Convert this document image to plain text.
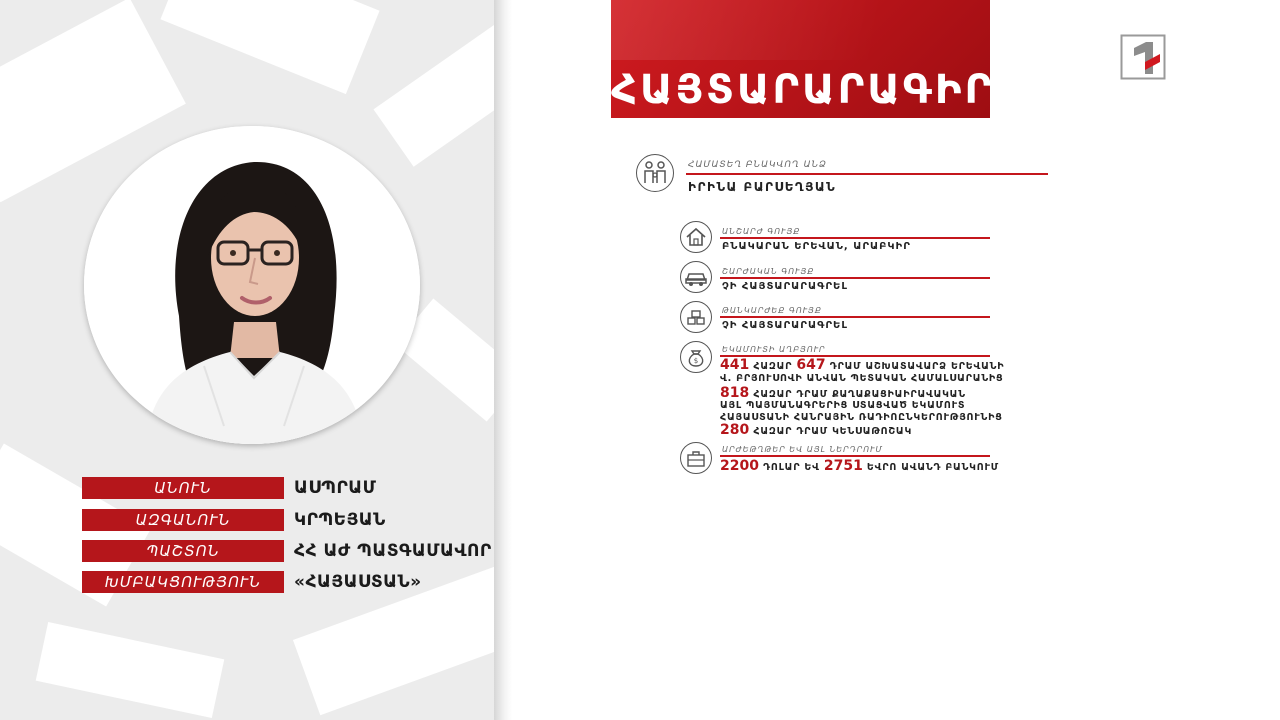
ԱՆՈՒՆ	ԱՍՊՐԱՄ
ԱԶԳԱՆՈՒՆ	ԿՐՊԵՅԱՆ
ՊԱՇՏՈՆ	ՀՀ ԱԺ ՊԱՏԳԱՄԱՎՈՐ
ԽՄԲԱԿՑՈՒԹՅՈՒՆ	«ՀԱՅԱՍՏԱՆ»
ՀԱՅՏԱՐԱՐԱԳԻՐ
ՀԱՄԱՏԵՂ ԲՆԱԿՎՈՂ ԱՆՁ
ԻՐԻՆԱ ԲԱՐՍԵՂՅԱՆ
ԱՆՇԱՐԺ ԳՈՒՅՔ
ԲՆԱԿԱՐԱՆ ԵՐԵՎԱՆ, ԱՐԱԲԿԻՐ
ՇԱՐԺԱԿԱՆ ԳՈՒՅՔ
ՉԻ ՀԱՅՏԱՐԱՐԱԳՐԵԼ
ԹԱՆԿԱՐԺԵՔ ԳՈՒՅՔ
ՉԻ ՀԱՅՏԱՐԱՐԱԳՐԵԼ
$
ԵԿԱՄՈՒՏԻ ԱՂԲՅՈՒՐ
441 ՀԱԶԱՐ 647 ԴՐԱՄ ԱՇԽԱՏԱՎԱՐՁ ԵՐԵՎԱՆԻ
Վ. ԲՐՅՈՒՍՈՎԻ ԱՆՎԱՆ ՊԵՏԱԿԱՆ ՀԱՄԱԼՍԱՐԱՆԻՑ
818 ՀԱԶԱՐ ԴՐԱՄ ՔԱՂԱՔԱՑԻԱԻՐԱՎԱԿԱՆ
ԱՅԼ ՊԱՅՄԱՆԱԳՐԵՐԻՑ ՍՏԱՑՎԱԾ ԵԿԱՄՈՒՏ
ՀԱՅԱՍՏԱՆԻ ՀԱՆՐԱՅԻՆ ՌԱԴԻՈԸՆԿԵՐՈՒԹՅՈՒՆԻՑ
280 ՀԱԶԱՐ ԴՐԱՄ ԿԵՆՍԱԹՈՇԱԿ
ԱՐԺԵԹՂԹԵՐ ԵՎ ԱՅԼ ՆԵՐԴՐՈՒՄ
2200 ԴՈԼԱՐ ԵՎ 2751 ԵՎՐՈ ԱՎԱՆԴ ԲԱՆԿՈՒՄ
